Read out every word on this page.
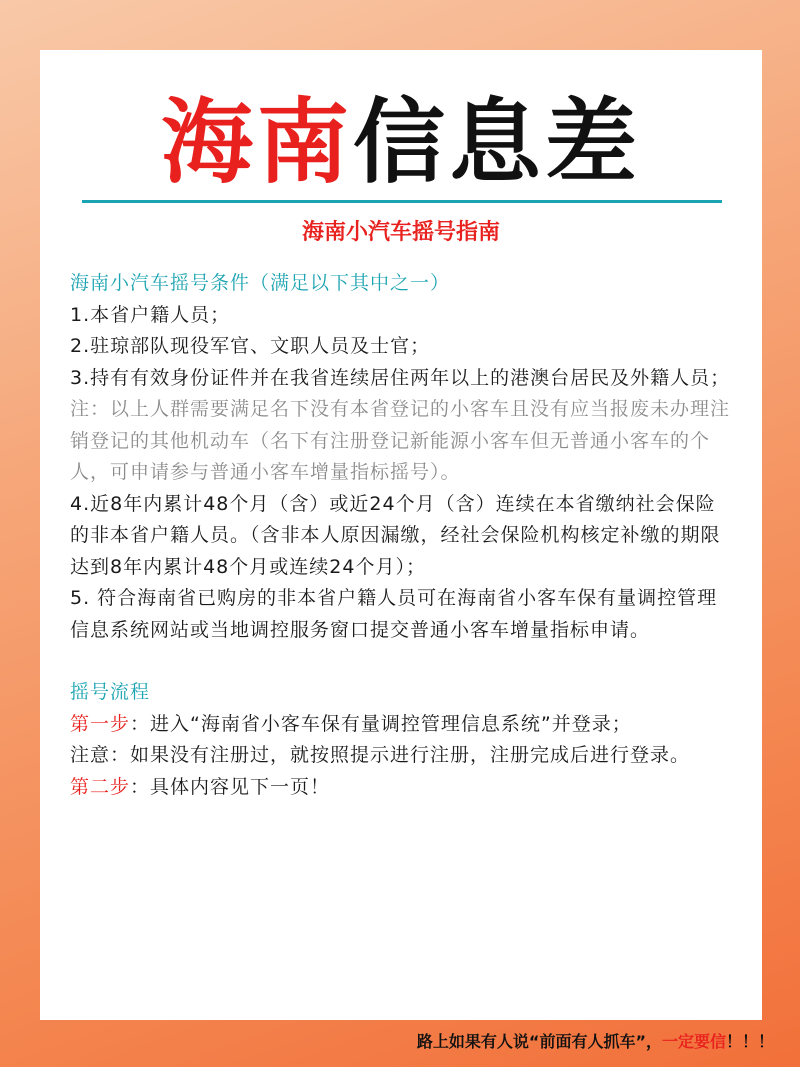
海南信息差
海南小汽车摇号指南

海南小汽车摇号条件（满足以下其中之一）

1.本省户籍人员；

2.驻琼部队现役军官、文职人员及士官；

3.持有有效身份证件并在我省连续居住两年以上的港澳台居民及外籍人员；

注：以上人群需要满足名下没有本省登记的小客车且没有应当报废未办理注销登记的其他机动车（名下有注册登记新能源小客车但无普通小客车的个人，可申请参与普通小客车增量指标摇号）。

4.近8年内累计48个月（含）或近24个月（含）连续在本省缴纳社会保险的非本省户籍人员。（含非本人原因漏缴，经社会保险机构核定补缴的期限达到8年内累计48个月或连续24个月）；

5. 符合海南省已购房的非本省户籍人员可在海南省小客车保有量调控管理信息系统网站或当地调控服务窗口提交普通小客车增量指标申请。

摇号流程

第一步：进入“海南省小客车保有量调控管理信息系统”并登录；

注意：如果没有注册过，就按照提示进行注册，注册完成后进行登录。

第二步：具体内容见下一页！

路上如果有人说“前面有人抓车”，一定要信！！！
